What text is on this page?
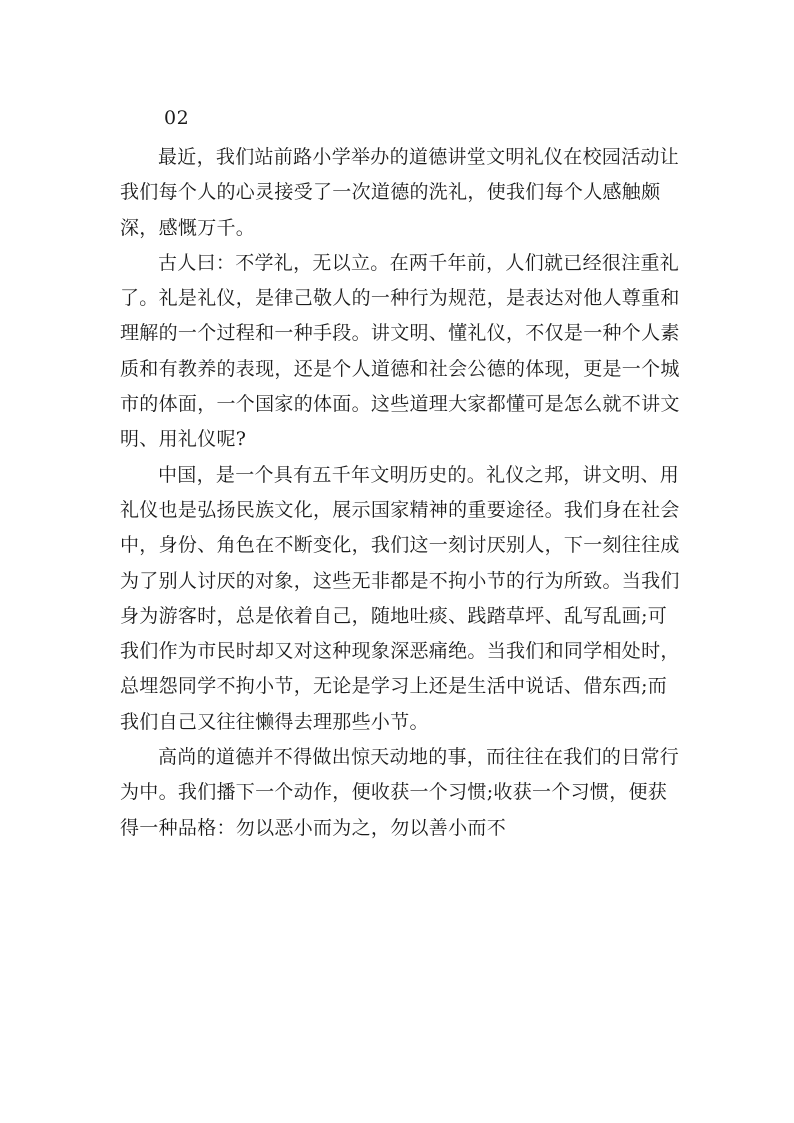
02

最近，我们站前路小学举办的道德讲堂文明礼仪在校园活动让我们每个人的心灵接受了一次道德的洗礼，使我们每个人感触颇深，感慨万千。

古人曰：不学礼，无以立。在两千年前，人们就已经很注重礼了。礼是礼仪，是律己敬人的一种行为规范，是表达对他人尊重和理解的一个过程和一种手段。讲文明、懂礼仪，不仅是一种个人素质和有教养的表现，还是个人道德和社会公德的体现，更是一个城市的体面，一个国家的体面。这些道理大家都懂可是怎么就不讲文明、用礼仪呢?

中国，是一个具有五千年文明历史的。礼仪之邦，讲文明、用礼仪也是弘扬民族文化，展示国家精神的重要途径。我们身在社会中，身份、角色在不断变化，我们这一刻讨厌别人，下一刻往往成为了别人讨厌的对象，这些无非都是不拘小节的行为所致。当我们身为游客时，总是依着自己，随地吐痰、践踏草坪、乱写乱画;可我们作为市民时却又对这种现象深恶痛绝。当我们和同学相处时，总埋怨同学不拘小节，无论是学习上还是生活中说话、借东西;而我们自己又往往懒得去理那些小节。

高尚的道德并不得做出惊天动地的事，而往往在我们的日常行为中。我们播下一个动作，便收获一个习惯;收获一个习惯，便获得一种品格：勿以恶小而为之，勿以善小而不
